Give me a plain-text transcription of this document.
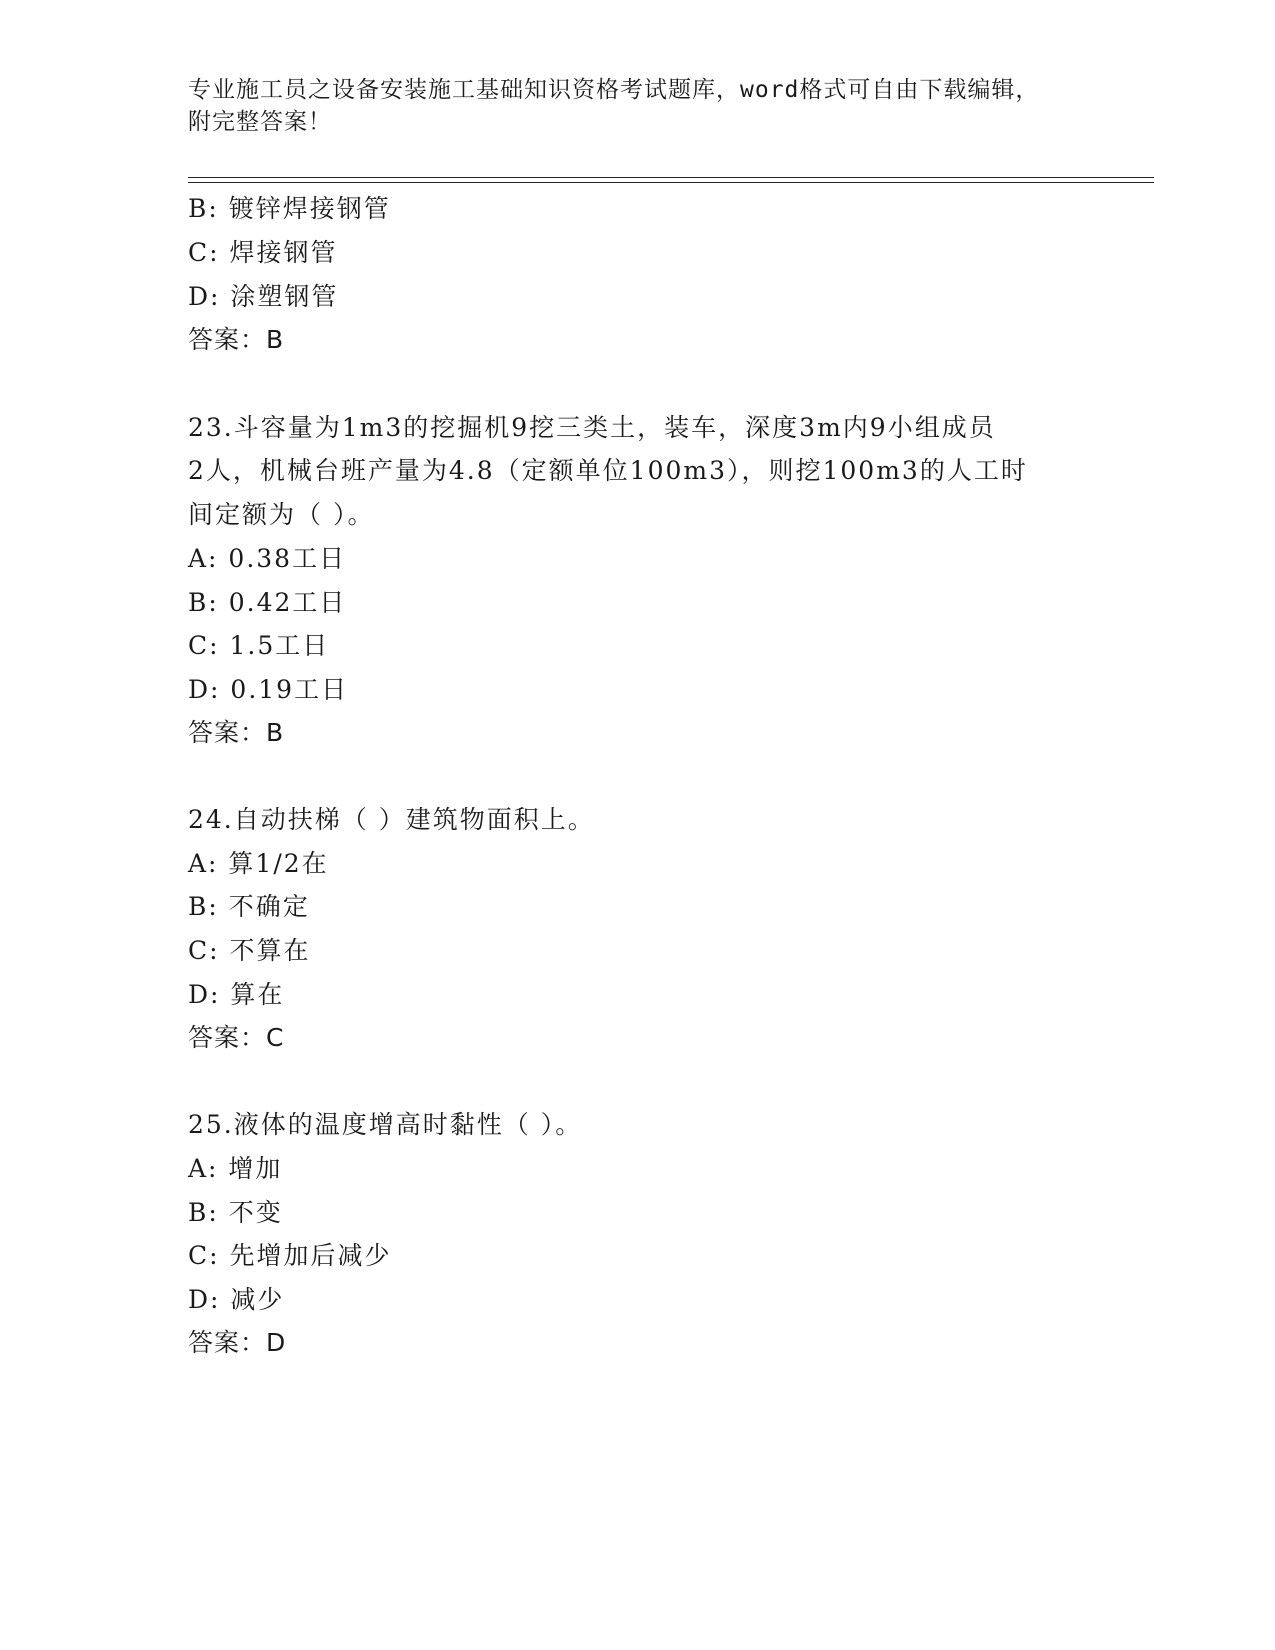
专业施工员之设备安装施工基础知识资格考试题库，word格式可自由下载编辑，
附完整答案！
B: 镀锌焊接钢管
C: 焊接钢管
D: 涂塑钢管
答案：B
23.斗容量为1m3的挖掘机9挖三类土，装车，深度3m内9小组成员
2人，机械台班产量为4.8（定额单位100m3），则挖100m3的人工时
间定额为（ ）。
A: 0.38工日
B: 0.42工日
C: 1.5工日
D: 0.19工日
答案：B
24.自动扶梯（ ）建筑物面积上。
A: 算1/2在
B: 不确定
C: 不算在
D: 算在
答案：C
25.液体的温度增高时黏性（ ）。
A: 增加
B: 不变
C: 先增加后减少
D: 减少
答案：D
